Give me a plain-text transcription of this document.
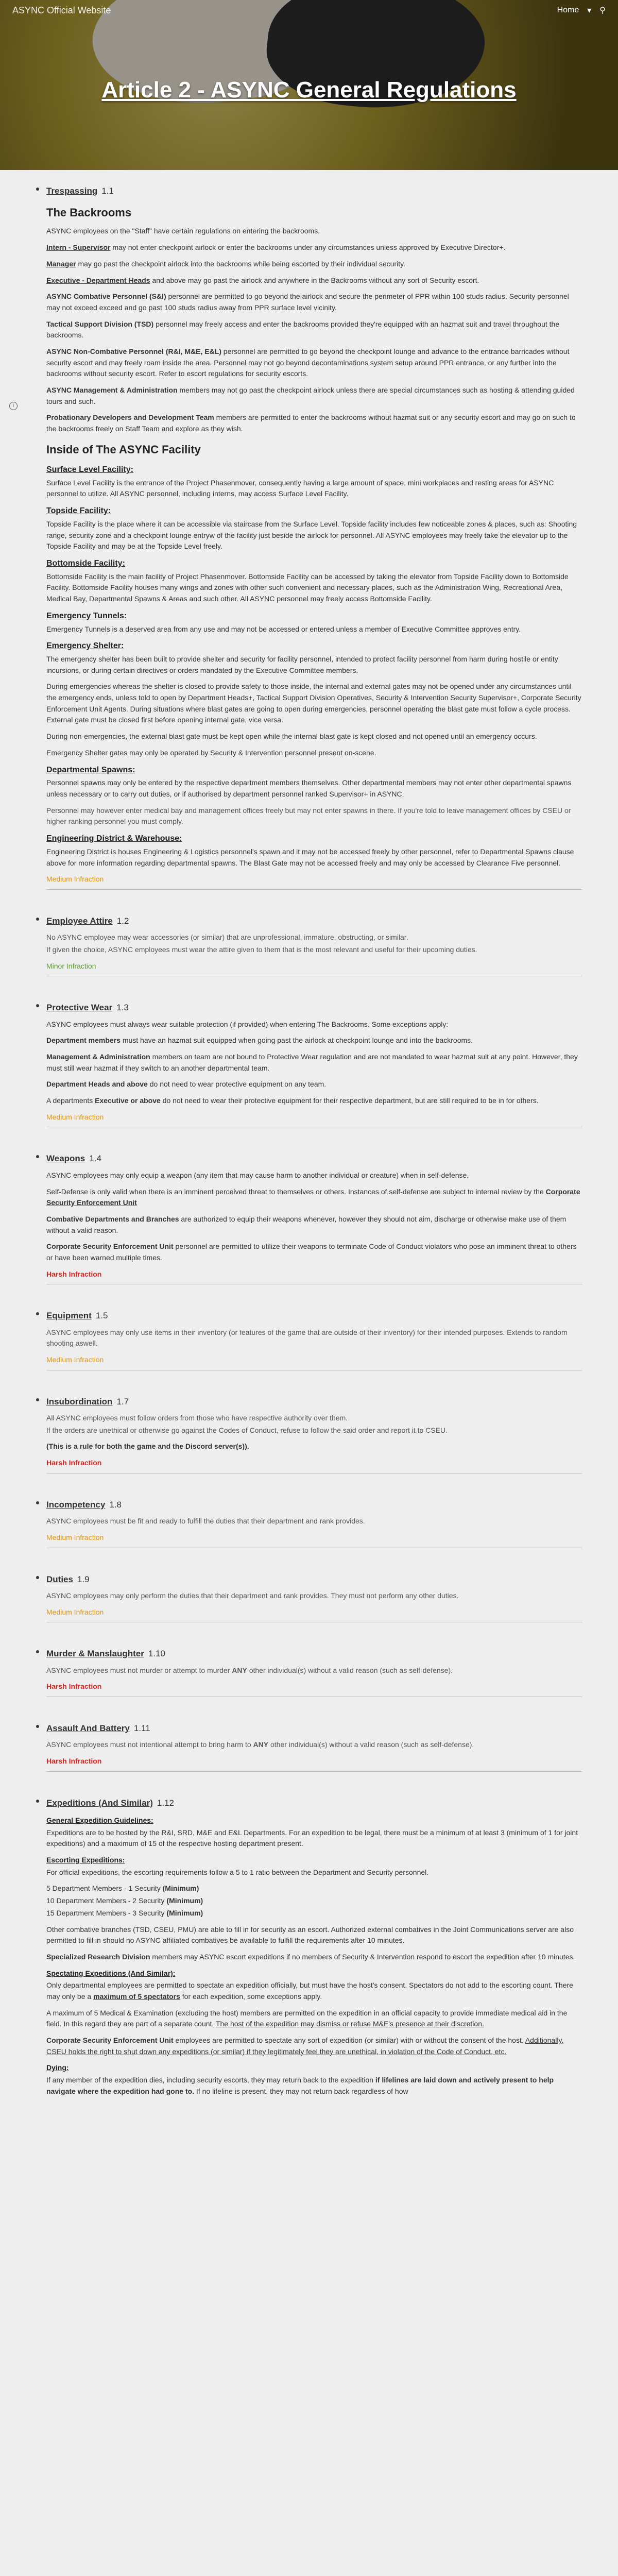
ASYNC Official Website	Home ▾ ⚲
Article 2 - ASYNC General Regulations
i
Trespassing 1.1
The Backrooms

ASYNC employees on the "Staff" have certain regulations on entering the backrooms.

Intern - Supervisor may not enter checkpoint airlock or enter the backrooms under any circumstances unless approved by Executive Director+.

Manager may go past the checkpoint airlock into the backrooms while being escorted by their individual security.

Executive - Department Heads and above may go past the airlock and anywhere in the Backrooms without any sort of Security escort.

ASYNC Combative Personnel (S&I) personnel are permitted to go beyond the airlock and secure the perimeter of PPR within 100 studs radius. Security personnel may not exceed exceed and go past 100 studs radius away from PPR surface level vicinity.

Tactical Support Division (TSD) personnel may freely access and enter the backrooms provided they're equipped with an hazmat suit and travel throughout the backrooms.

ASYNC Non-Combative Personnel (R&I, M&E, E&L) personnel are permitted to go beyond the checkpoint lounge and advance to the entrance barricades without security escort and may freely roam inside the area. Personnel may not go beyond decontaminations system setup around PPR entrance, or any further into the backrooms without security escort. Refer to escort regulations for security escorts.

ASYNC Management & Administration members may not go past the checkpoint airlock unless there are special circumstances such as hosting & attending guided tours and such.

Probationary Developers and Development Team members are permitted to enter the backrooms without hazmat suit or any security escort and may go on such to the backrooms freely on Staff Team and explore as they wish.

Inside of The ASYNC Facility
Surface Level Facility:

Surface Level Facility is the entrance of the Project Phasenmover, consequently having a large amount of space, mini workplaces and resting areas for ASYNC personnel to utilize. All ASYNC personnel, including interns, may access Surface Level Facility.

Topside Facility:

Topside Facility is the place where it can be accessible via staircase from the Surface Level. Topside facility includes few noticeable zones & places, such as: Shooting range, security zone and a checkpoint lounge entryw of the facility just beside the airlock for personnel. All ASYNC employees may freely take the elevator up to the Topside Facility and may be at the Topside Level freely.

Bottomside Facility:

Bottomside Facility is the main facility of Project Phasenmover. Bottomside Facility can be accessed by taking the elevator from Topside Facility down to Bottomside Facility. Bottomside Facility houses many wings and zones with other such convenient and necessary places, such as the Administration Wing, Recreational Area, Medical Bay, Departmental Spawns & Areas and such other. All ASYNC personnel may freely access Bottomside Facility.

Emergency Tunnels:

Emergency Tunnels is a deserved area from any use and may not be accessed or entered unless a member of Executive Committee approves entry.

Emergency Shelter:

The emergency shelter has been built to provide shelter and security for facility personnel, intended to protect facility personnel from harm during hostile or entity incursions, or during certain directives or orders mandated by the Executive Committee members.

During emergencies whereas the shelter is closed to provide safety to those inside, the internal and external gates may not be opened under any circumstances until the emergency ends, unless told to open by Department Heads+, Tactical Support Division Operatives, Security & Intervention Security Supervisor+, Corporate Security Enforcement Unit Agents. During situations where blast gates are going to open during emergencies, personnel operating the blast gate must follow a cycle process. External gate must be closed first before opening internal gate, vice versa.

During non-emergencies, the external blast gate must be kept open while the internal blast gate is kept closed and not opened until an emergency occurs.

Emergency Shelter gates may only be operated by Security & Intervention personnel present on-scene.

Departmental Spawns:

Personnel spawns may only be entered by the respective department members themselves. Other departmental members may not enter other departmental spawns unless necessary or to carry out duties, or if authorised by department personnel ranked Supervisor+ in ASYNC.

Personnel may however enter medical bay and management offices freely but may not enter spawns in there. If you're told to leave management offices by CSEU or higher ranking personnel you must comply.

Engineering District & Warehouse:

Engineering District is houses Engineering & Logistics personnel's spawn and it may not be accessed freely by other personnel, refer to Departmental Spawns clause above for more information regarding departmental spawns. The Blast Gate may not be accessed freely and may only be accessed by Clearance Five personnel.

Medium Infraction
Employee Attire 1.2

No ASYNC employee may wear accessories (or similar) that are unprofessional, immature, obstructing, or similar.

If given the choice, ASYNC employees must wear the attire given to them that is the most relevant and useful for their upcoming duties.

Minor Infraction
Protective Wear 1.3

ASYNC employees must always wear suitable protection (if provided) when entering The Backrooms. Some exceptions apply:

Department members must have an hazmat suit equipped when going past the airlock at checkpoint lounge and into the backrooms.

Management & Administration members on team are not bound to Protective Wear regulation and are not mandated to wear hazmat suit at any point. However, they must still wear hazmat if they switch to an another departmental team.

Department Heads and above do not need to wear protective equipment on any team.

A departments Executive or above do not need to wear their protective equipment for their respective department, but are still required to be in for others.

Medium Infraction
Weapons 1.4

ASYNC employees may only equip a weapon (any item that may cause harm to another individual or creature) when in self-defense.

Self-Defense is only valid when there is an imminent perceived threat to themselves or others. Instances of self-defense are subject to internal review by the Corporate Security Enforcement Unit

Combative Departments and Branches are authorized to equip their weapons whenever, however they should not aim, discharge or otherwise make use of them without a valid reason.

Corporate Security Enforcement Unit personnel are permitted to utilize their weapons to terminate Code of Conduct violators who pose an imminent threat to others or have been warned multiple times.

Harsh Infraction
Equipment 1.5

ASYNC employees may only use items in their inventory (or features of the game that are outside of their inventory) for their intended purposes. Extends to random shooting aswell.

Medium Infraction
Insubordination 1.7

All ASYNC employees must follow orders from those who have respective authority over them.

If the orders are unethical or otherwise go against the Codes of Conduct, refuse to follow the said order and report it to CSEU.

(This is a rule for both the game and the Discord server(s)).

Harsh Infraction
Incompetency 1.8

ASYNC employees must be fit and ready to fulfill the duties that their department and rank provides.

Medium Infraction
Duties 1.9

ASYNC employees may only perform the duties that their department and rank provides. They must not perform any other duties.

Medium Infraction
Murder & Manslaughter 1.10

ASYNC employees must not murder or attempt to murder ANY other individual(s) without a valid reason (such as self-defense).

Harsh Infraction
Assault And Battery 1.11

ASYNC employees must not intentional attempt to bring harm to ANY other individual(s) without a valid reason (such as self-defense).

Harsh Infraction
Expeditions (And Similar) 1.12
General Expedition Guidelines:

Expeditions are to be hosted by the R&I, SRD, M&E and E&L Departments. For an expedition to be legal, there must be a minimum of at least 3 (minimum of 1 for joint expeditions) and a maximum of 15 of the respective hosting department present.

Escorting Expeditions:

For official expeditions, the escorting requirements follow a 5 to 1 ratio between the Department and Security personnel.

5 Department Members - 1 Security (Minimum)

10 Department Members - 2 Security (Minimum)

15 Department Members - 3 Security (Minimum)

Other combative branches (TSD, CSEU, PMU) are able to fill in for security as an escort. Authorized external combatives in the Joint Communications server are also permitted to fill in should no ASYNC affiliated combatives be available to fulfill the requirements after 10 minutes.

Specialized Research Division members may ASYNC escort expeditions if no members of Security & Intervention respond to escort the expedition after 10 minutes.

Spectating Expeditions (And Similar):

Only departmental employees are permitted to spectate an expedition officially, but must have the host's consent. Spectators do not add to the escorting count. There may only be a maximum of 5 spectators for each expedition, some exceptions apply.

A maximum of 5 Medical & Examination (excluding the host) members are permitted on the expedition in an official capacity to provide immediate medical aid in the field. In this regard they are part of a separate count. The host of the expedition may dismiss or refuse M&E's presence at their discretion.

Corporate Security Enforcement Unit employees are permitted to spectate any sort of expedition (or similar) with or without the consent of the host. Additionally, CSEU holds the right to shut down any expeditions (or similar) if they legitimately feel they are unethical, in violation of the Code of Conduct, etc.

Dying:

If any member of the expedition dies, including security escorts, they may return back to the expedition if lifelines are laid down and actively present to help navigate where the expedition had gone to. If no lifeline is present, they may not return back regardless of how
